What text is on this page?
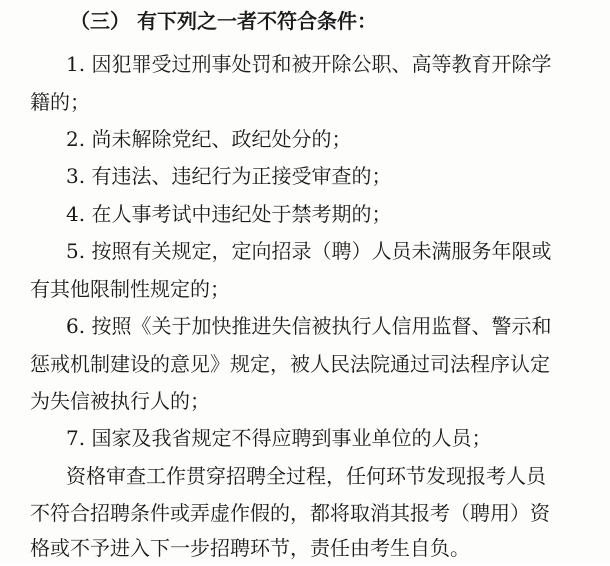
（三） 有下列之一者不符合条件：

1. 因犯罪受过刑事处罚和被开除公职、高等教育开除学

籍的；

2. 尚未解除党纪、政纪处分的；

3. 有违法、违纪行为正接受审查的；

4. 在人事考试中违纪处于禁考期的；

5. 按照有关规定，定向招录（聘）人员未满服务年限或

有其他限制性规定的；

6. 按照《关于加快推进失信被执行人信用监督、警示和

惩戒机制建设的意见》规定，被人民法院通过司法程序认定

为失信被执行人的；

7. 国家及我省规定不得应聘到事业单位的人员；

资格审查工作贯穿招聘全过程，任何环节发现报考人员

不符合招聘条件或弄虚作假的，都将取消其报考（聘用）资

格或不予进入下一步招聘环节，责任由考生自负。
